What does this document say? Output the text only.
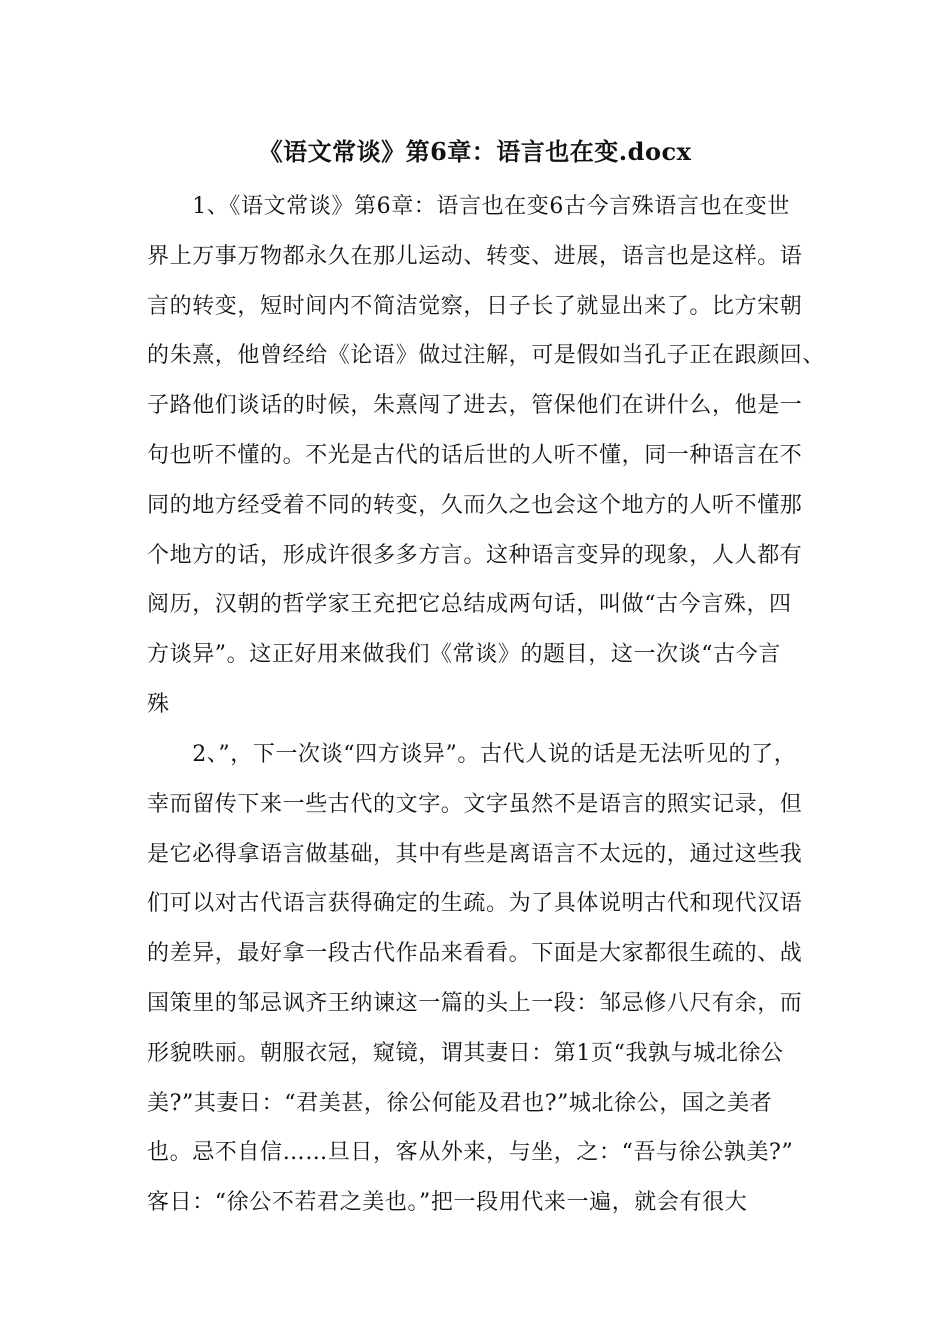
《语文常谈》第6章：语言也在变.docx
　　1、《语文常谈》第6章：语言也在变6古今言殊语言也在变世
界上万事万物都永久在那儿运动、转变、进展，语言也是这样。语
言的转变，短时间内不简洁觉察，日子长了就显出来了。比方宋朝
的朱熹，他曾经给《论语》做过注解，可是假如当孔子正在跟颜回、
子路他们谈话的时候，朱熹闯了进去，管保他们在讲什么，他是一
句也听不懂的。不光是古代的话后世的人听不懂，同一种语言在不
同的地方经受着不同的转变，久而久之也会这个地方的人听不懂那
个地方的话，形成许很多多方言。这种语言变异的现象，人人都有
阅历，汉朝的哲学家王充把它总结成两句话，叫做“古今言殊，四
方谈异”。这正好用来做我们《常谈》的题目，这一次谈“古今言
殊
　　2、”，下一次谈“四方谈异”。古代人说的话是无法听见的了，
幸而留传下来一些古代的文字。文字虽然不是语言的照实记录，但
是它必得拿语言做基础，其中有些是离语言不太远的，通过这些我
们可以对古代语言获得确定的生疏。为了具体说明古代和现代汉语
的差异，最好拿一段古代作品来看看。下面是大家都很生疏的、战
国策里的邹忌讽齐王纳谏这一篇的头上一段：邹忌修八尺有余，而
形貌昳丽。朝服衣冠，窥镜，谓其妻日：第1页“我孰与城北徐公
美?”其妻日：“君美甚，徐公何能及君也?”城北徐公，国之美者
也。忌不自信……旦日，客从外来，与坐，之：“吾与徐公孰美?”
客日：“徐公不若君之美也。”把一段用代来一遍，就会有很大
